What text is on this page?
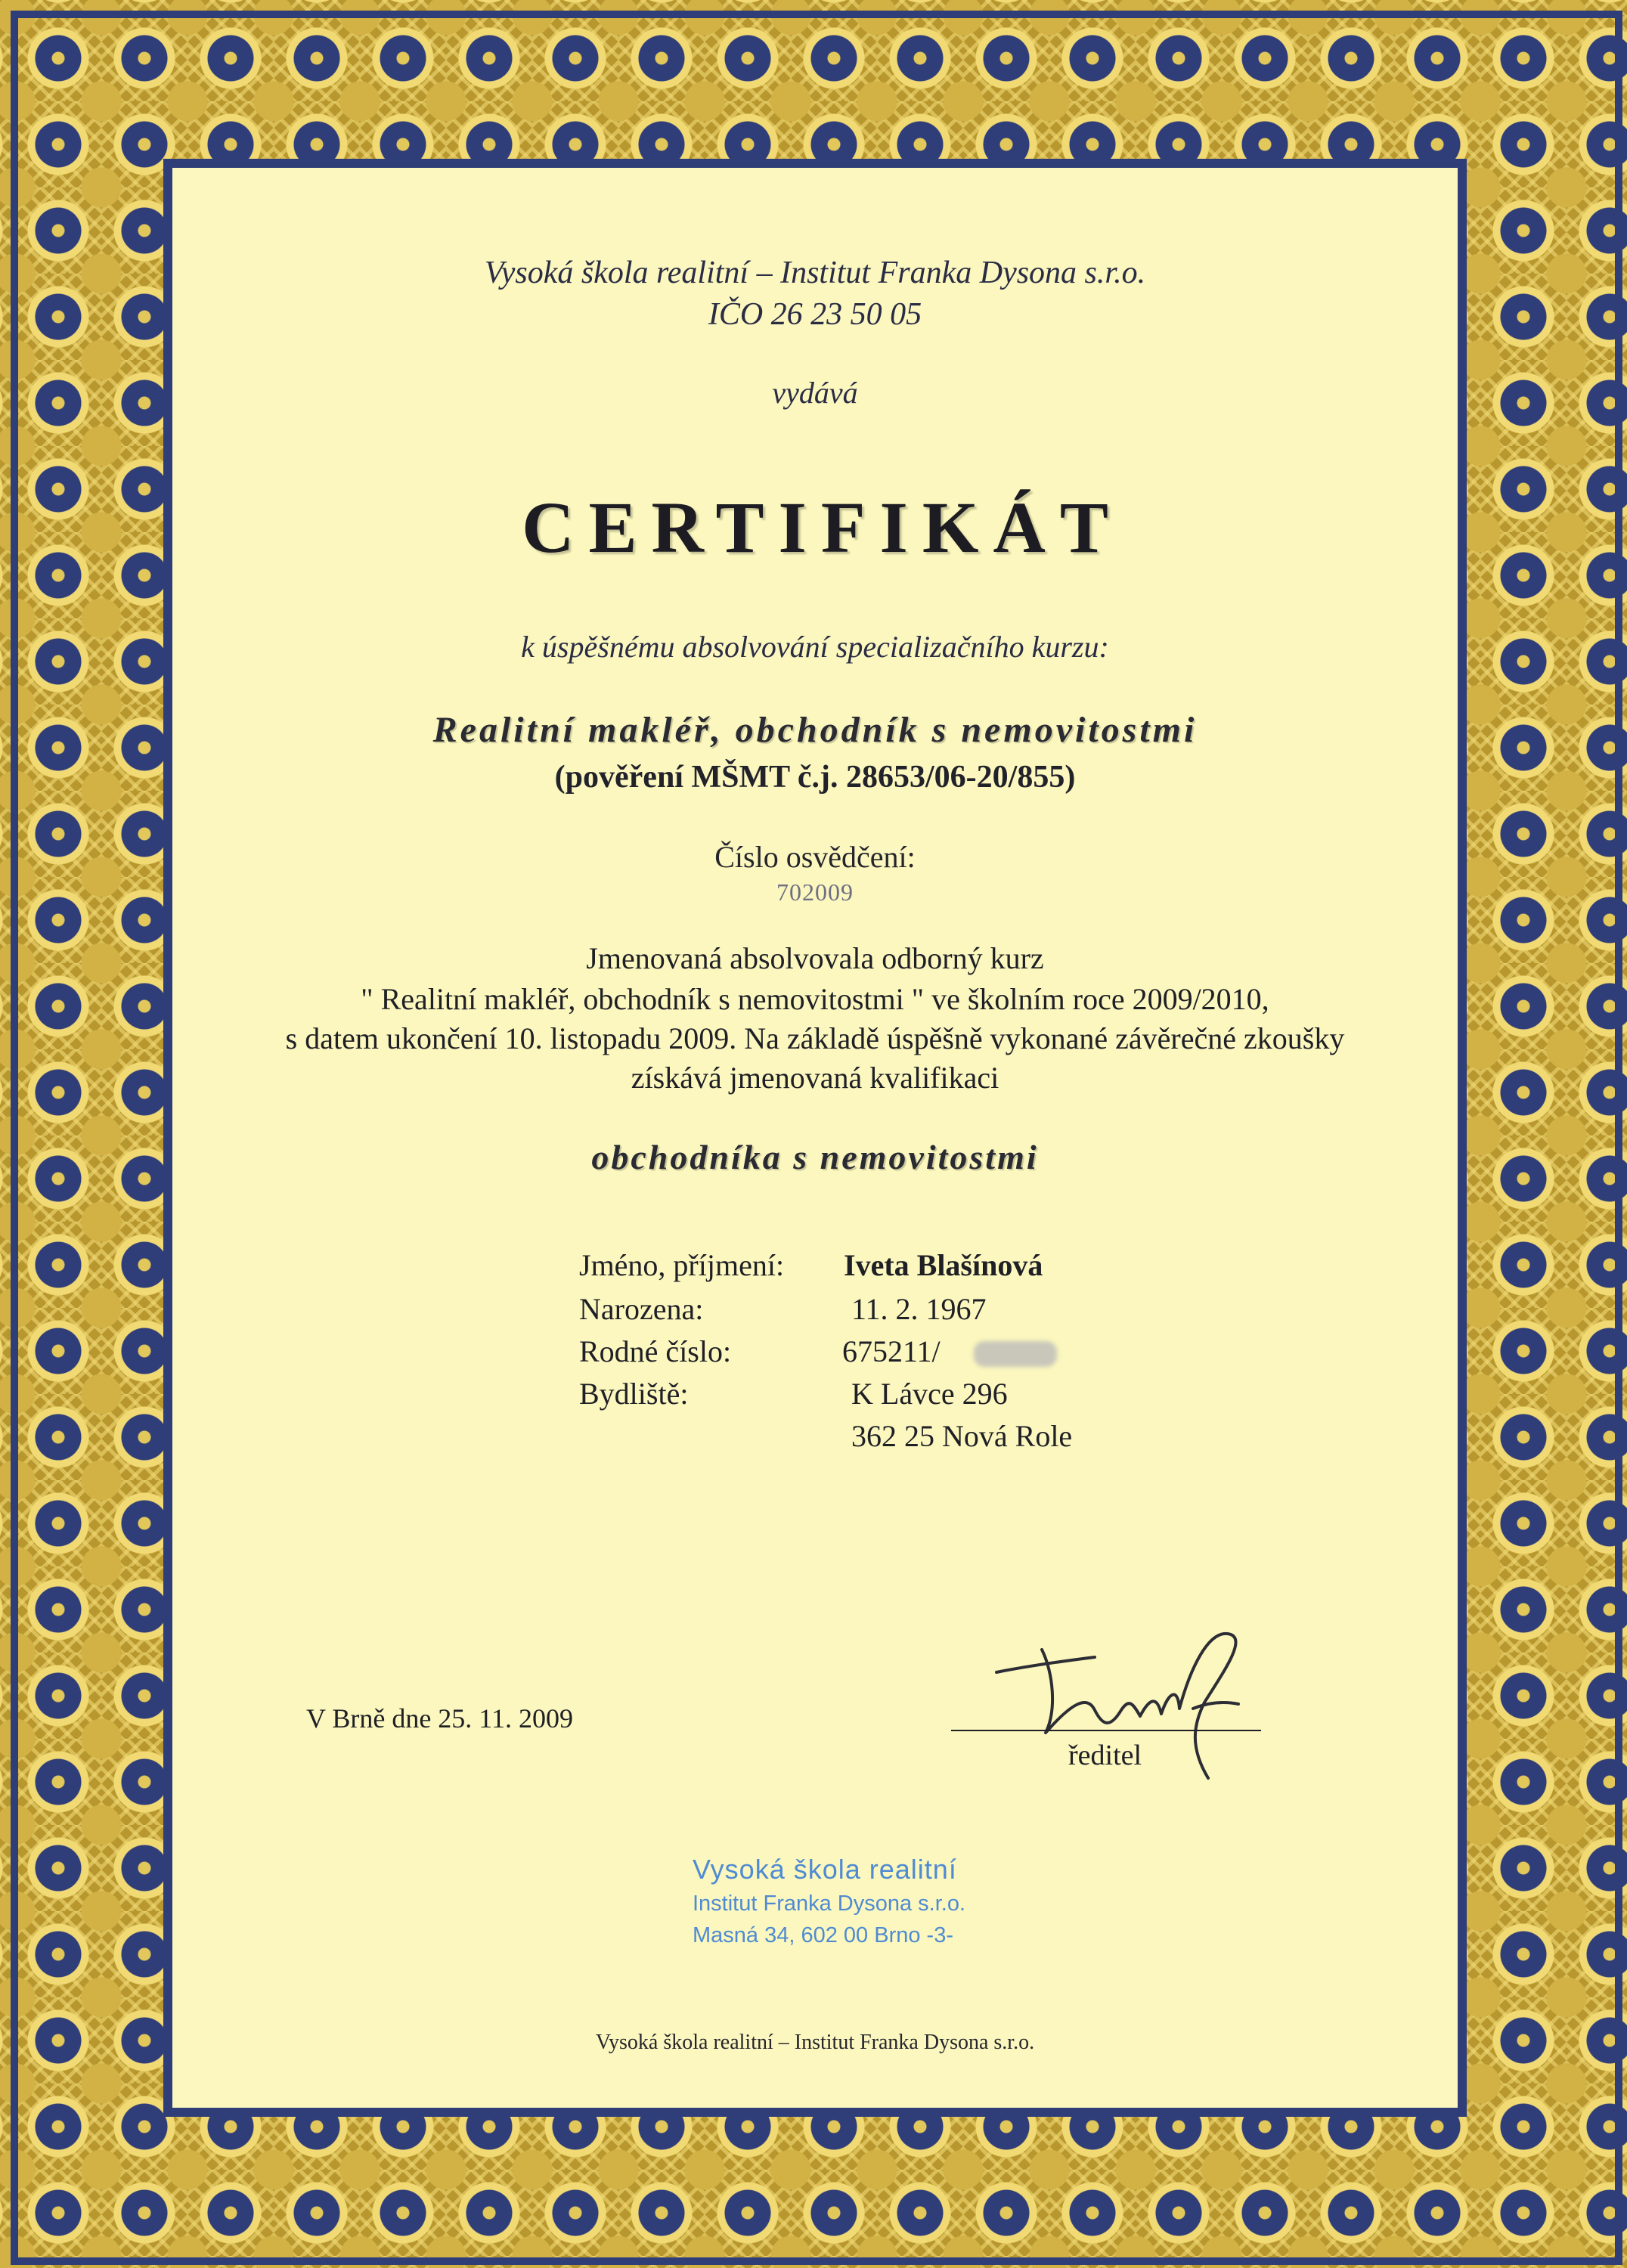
Vysoká škola realitní – Institut Franka Dysona s.r.o.
IČO 26 23 50 05
vydává
CERTIFIKÁT
k úspěšnému absolvování specializačního kurzu:
Realitní makléř, obchodník s nemovitostmi
(pověření MŠMT č.j. 28653/06-20/855)
Číslo osvědčení:
702009
Jmenovaná absolvovala odborný kurz
" Realitní makléř, obchodník s nemovitostmi " ve školním roce 2009/2010,
s datem ukončení 10. listopadu 2009. Na základě úspěšně vykonané závěrečné zkoušky
získává jmenovaná kvalifikaci
obchodníka s nemovitostmi
Jméno, příjmení: Iveta Blašínová
Narozena:	11. 2. 1967
Rodné číslo:	675211/
Bydliště:	K Lávce 296
362 25 Nová Role
V Brně dne 25. 11. 2009
ředitel
Vysoká škola realitní
Institut Franka Dysona s.r.o.
Masná 34, 602 00 Brno -3-
Vysoká škola realitní – Institut Franka Dysona s.r.o.
